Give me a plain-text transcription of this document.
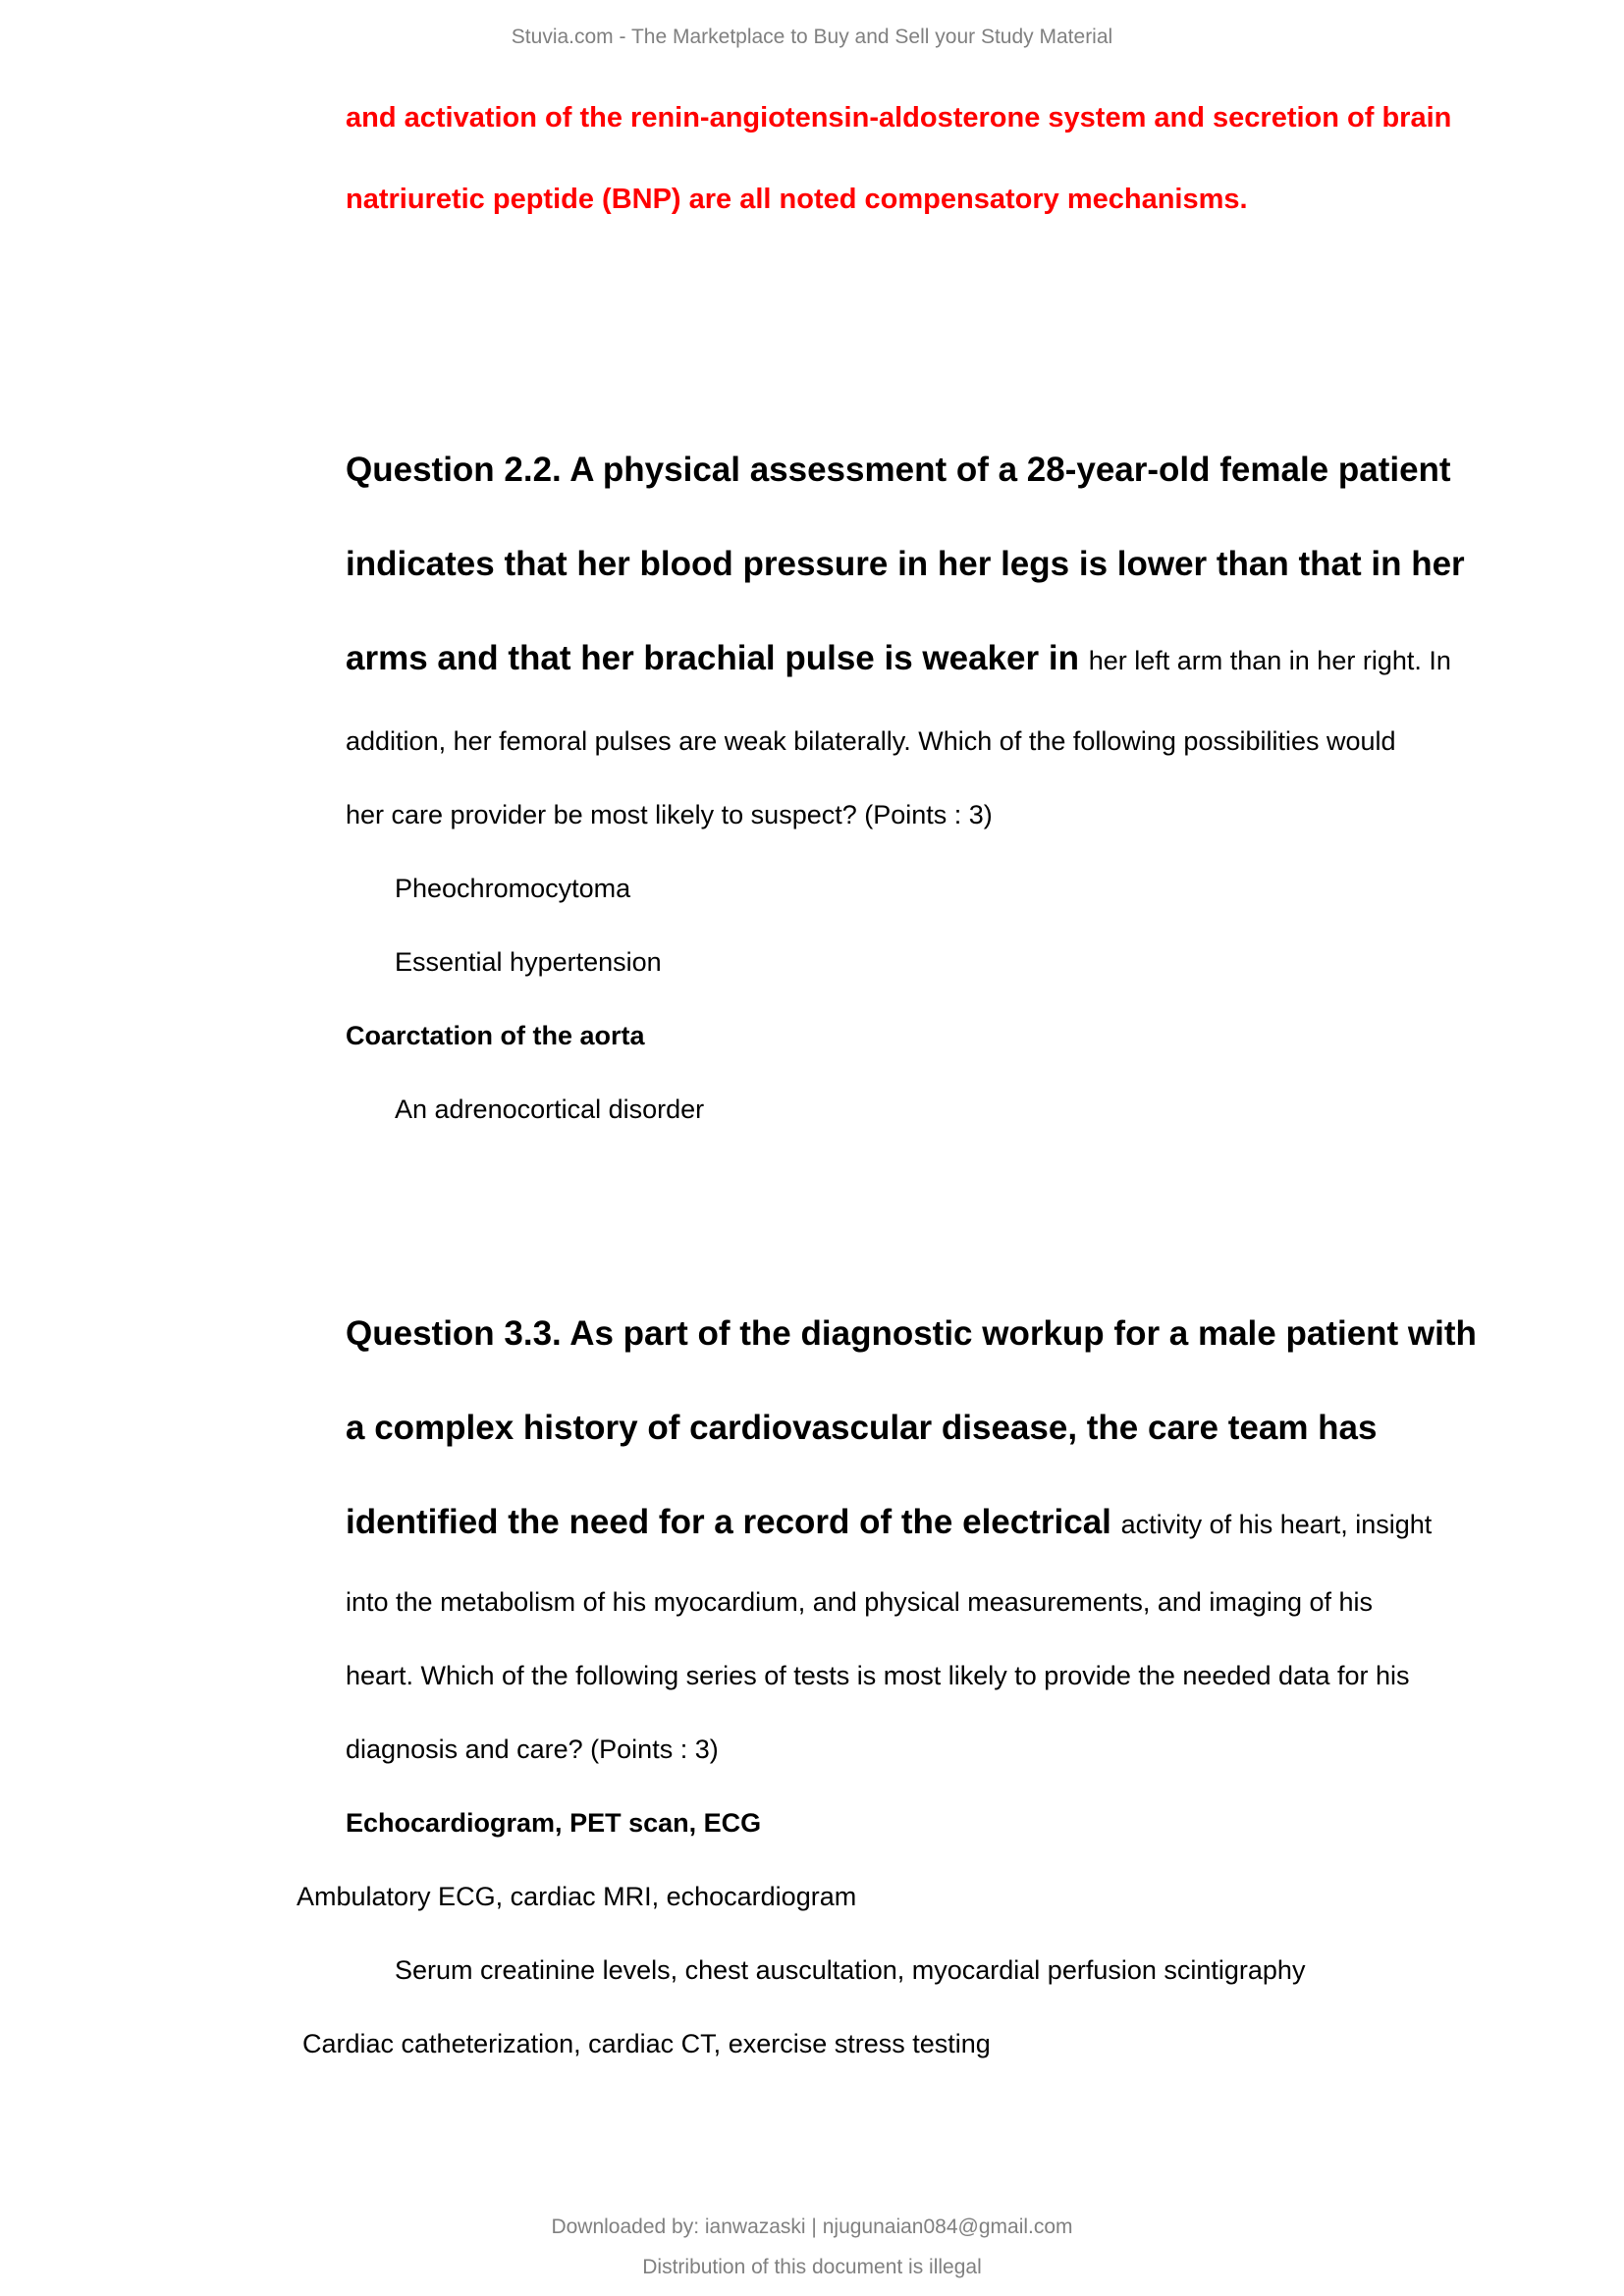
Stuvia.com - The Marketplace to Buy and Sell your Study Material
and activation of the renin-angiotensin-aldosterone system and secretion of brain
natriuretic peptide (BNP) are all noted compensatory mechanisms.
Question 2.2. A physical assessment of a 28-year-old female patient
indicates that her blood pressure in her legs is lower than that in her
arms and that her brachial pulse is weaker in her left arm than in her right. In
addition, her femoral pulses are weak bilaterally. Which of the following possibilities would
her care provider be most likely to suspect? (Points : 3)
Pheochromocytoma
Essential hypertension
Coarctation of the aorta
An adrenocortical disorder
Question 3.3. As part of the diagnostic workup for a male patient with
a complex history of cardiovascular disease, the care team has
identified the need for a record of the electrical activity of his heart, insight
into the metabolism of his myocardium, and physical measurements, and imaging of his
heart. Which of the following series of tests is most likely to provide the needed data for his
diagnosis and care? (Points : 3)
Echocardiogram, PET scan, ECG
Ambulatory ECG, cardiac MRI, echocardiogram
Serum creatinine levels, chest auscultation, myocardial perfusion scintigraphy
Cardiac catheterization, cardiac CT, exercise stress testing
Downloaded by: ianwazaski | njugunaian084@gmail.com
Distribution of this document is illegal
